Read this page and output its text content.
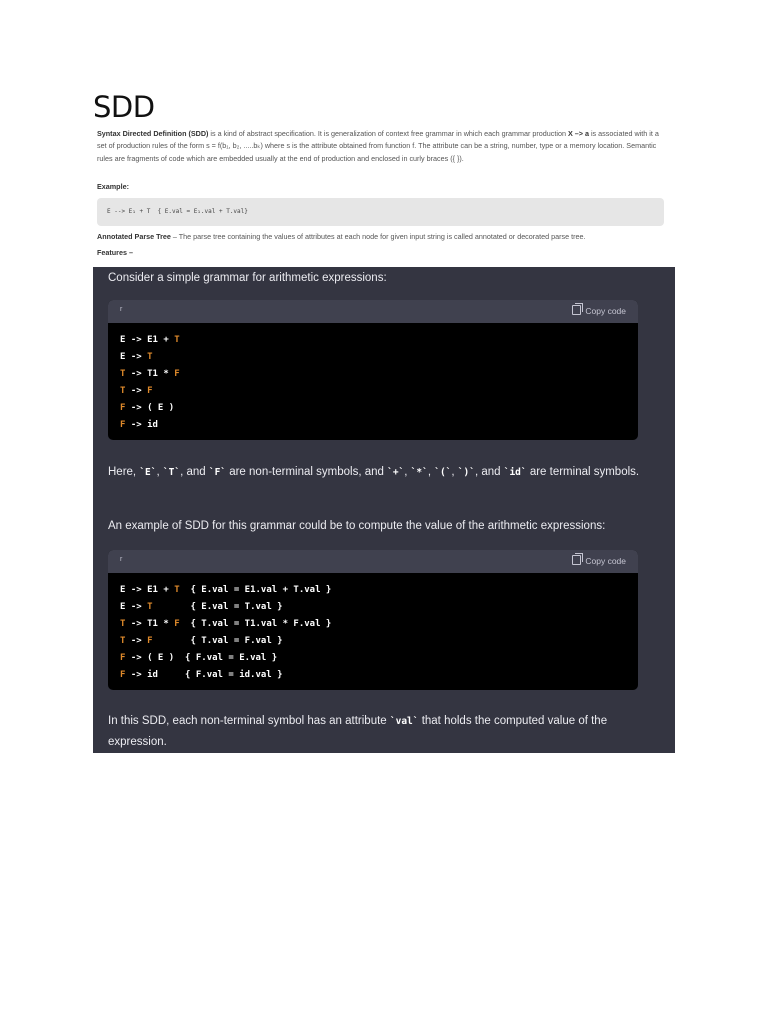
SDD
Syntax Directed Definition (SDD) is a kind of abstract specification. It is generalization of context free grammar in which each grammar production X –> a is associated with it a set of production rules of the form s = f(b₁, b₂, .....bₖ) where s is the attribute obtained from function f. The attribute can be a string, number, type or a memory location. Semantic rules are fragments of code which are embedded usually at the end of production and enclosed in curly braces ({ }).
Example:
E --> E₁ + T  { E.val = E₁.val + T.val}
Annotated Parse Tree – The parse tree containing the values of attributes at each node for given input string is called annotated or decorated parse tree.
Features –
Consider a simple grammar for arithmetic expressions:
r	Copy code
E -> E1 + T
E -> T
T -> T1 * F
T -> F
F -> ( E )
F -> id
Here, `E`, `T`, and `F` are non-terminal symbols, and `+`, `*`, `(`, `)`, and `id` are terminal symbols.
An example of SDD for this grammar could be to compute the value of the arithmetic expressions:
r	Copy code
E -> E1 + T { E.val = E1.val + T.val }
E -> T	{ E.val = T.val }
T -> T1 * F { T.val = T1.val * F.val }
T -> F	{ T.val = F.val }
F -> ( E ) { F.val = E.val }
F -> id	{ F.val = id.val }
In this SDD, each non-terminal symbol has an attribute `val` that holds the computed value of the expression.
